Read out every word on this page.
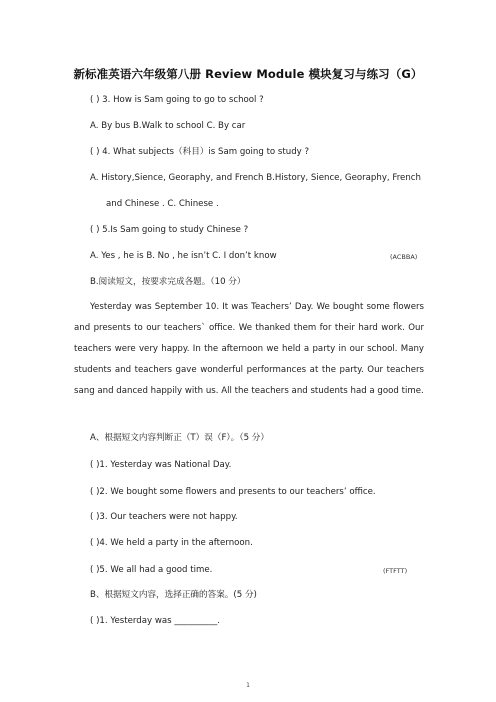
新标准英语六年级第八册 Review Module 模块复习与练习（G）
( ) 3. How is Sam going to go to school ?
A. By bus B.Walk to school C. By car
( ) 4. What subjects（科目）is Sam going to study ?
A. History,Sience, Georaphy, and French B.History, Sience, Georaphy, French
and Chinese . C. Chinese .
( ) 5.Is Sam going to study Chinese ?
A. Yes , he is B. No , he isn’t C. I don’t know	(ACBBA)
B.阅读短文，按要求完成各题。（10 分）
Yesterday was September 10. It was Teachers’ Day. We bought some flowers and presents to our teachers` office. We thanked them for their hard work. Our teachers were very happy. In the afternoon we held a party in our school. Many students and teachers gave wonderful performances at the party. Our teachers sang and danced happily with us. All the teachers and students had a good time.
A、根据短文内容判断正（T）误（F）。（5 分）
( )1. Yesterday was National Day.
( )2. We bought some flowers and presents to our teachers’ office.
( )3. Our teachers were not happy.
( )4. We held a party in the afternoon.
( )5. We all had a good time.	(FTFTT)
B、根据短文内容，选择正确的答案。(5 分)
( )1. Yesterday was __________.
1
